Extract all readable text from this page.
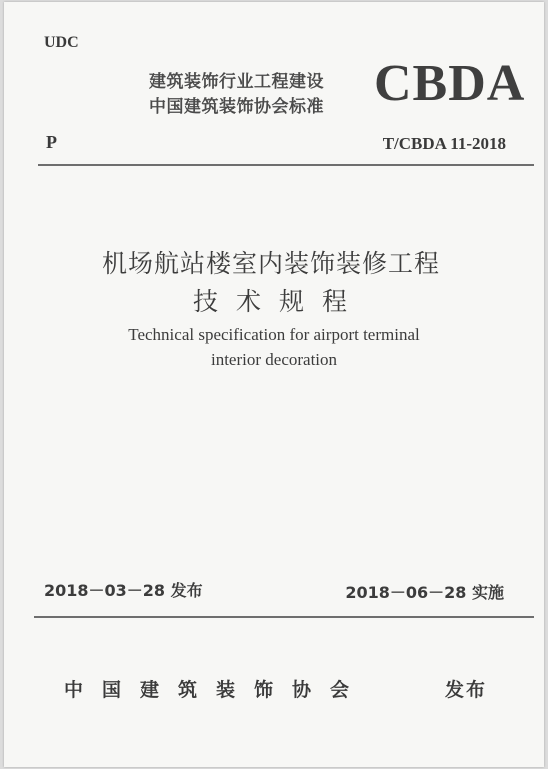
UDC
建筑装饰行业工程建设
中国建筑装饰协会标准 CBDA
P	T/CBDA 11-2018
机场航站楼室内装饰装修工程
技术规程
Technical specification for airport terminal
interior decoration
2018－03－28 发布	2018－06－28 实施
中国建筑装饰协会	发布
